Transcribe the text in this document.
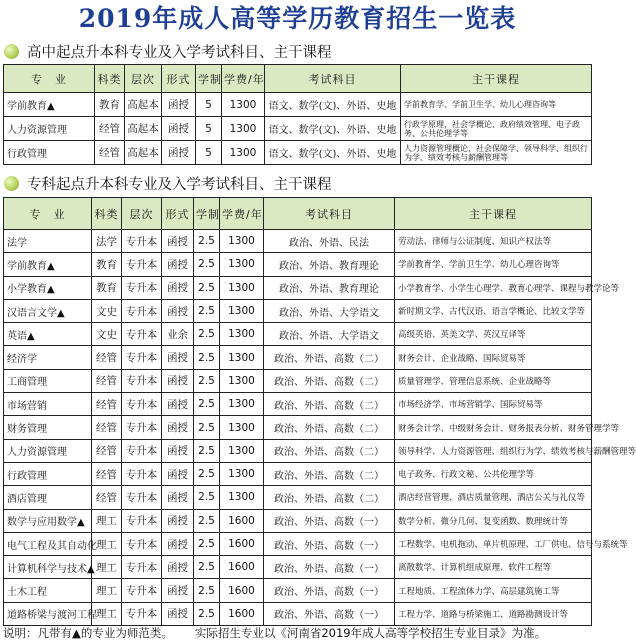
2019年成人高等学历教育招生一览表
高中起点升本科专业及入学考试科目、主干课程
专　业	科类	层次	形式	学制	学费/年	考试科目	主干课程
学前教育▲	教育	高起本	函授	5	1300	语文、数学(文)、外语、史地	学前教育学、学前卫生学、幼儿心理咨询等
人力资源管理	经管	高起本	函授	5	1300	语文、数学(文)、外语、史地	行政学原理，社会学概论、政府绩效管理、电子政务、公共伦理学等
行政管理	经管	高起本	函授	5	1300	语文、数学(文)、外语、史地	人力资源管理概论、社会保障学、领导科学、组织行为学、绩效考核与薪酬管理等
专科起点升本科专业及入学考试科目、主干课程
专　业	科类	层次	形式	学制	学费/年	考试科目	主干课程
法学	法学	专升本	函授	2.5	1300	政治、外语、民法	劳动法、律师与公证制度、知识产权法等
学前教育▲	教育	专升本	函授	2.5	1300	政治、外语、教育理论	学前教育学、学前卫生学、幼儿心理咨询等
小学教育▲	教育	专升本	函授	2.5	1300	政治、外语、教育理论	小学教育学、小学生心理学、教育心理学、课程与教学论等
汉语言文学▲	文史	专升本	函授	2.5	1300	政治、外语、大学语文	新时期文学、古代汉语、语言学概论、比较文学等
英语▲	文史	专升本	业余	2.5	1300	政治、外语、大学语文	高级英语、英美文学、英汉互译等
经济学	经管	专升本	函授	2.5	1300	政治、外语、高数（二）	财务会计、企业战略、国际贸易等
工商管理	经管	专升本	函授	2.5	1300	政治、外语、高数（二）	质量管理学、管理信息系统、企业战略等
市场营销	经管	专升本	函授	2.5	1300	政治、外语、高数（二）	市场经济学、市场营销学、国际贸易等
财务管理	经管	专升本	函授	2.5	1300	政治、外语、高数（二）	财务会计学、中级财务会计、财务报表分析、财务管理学等
人力资源管理	经管	专升本	函授	2.5	1300	政治、外语、高数（二）	领导科学、人力资源管理、组织行为学、绩效考核与薪酬管理等
行政管理	经管	专升本	函授	2.5	1300	政治、外语、高数（二）	电子政务、行政文秘、公共伦理学等
酒店管理	经管	专升本	函授	2.5	1300	政治、外语、高数（二）	酒店经营管理、酒店质量管理、酒店公关与礼仪等
数学与应用数学▲	理工	专升本	函授	2.5	1600	政治、外语、高数（一）	数学分析、微分几何、复变函数、数理统计等
电气工程及其自动化	理工	专升本	函授	2.5	1600	政治、外语、高数（一）	工程数学、电机拖动、单片机原理、工厂供电、信号与系统等
计算机科学与技术▲	理工	专升本	函授	2.5	1600	政治、外语、高数（一）	离散数学、计算机组成原理、软件工程等
土木工程	理工	专升本	函授	2.5	1600	政治、外语、高数（一）	工程地质、工程流体力学、高层建筑施工等
道路桥梁与渡河工程	理工	专升本	函授	2.5	1600	政治、外语、高数（一）	工程力学、道路与桥梁施工、道路勘测设计等
说明：凡带有▲的专业为师范类。 实际招生专业以《河南省2019年成人高等学校招生专业目录》为准。
